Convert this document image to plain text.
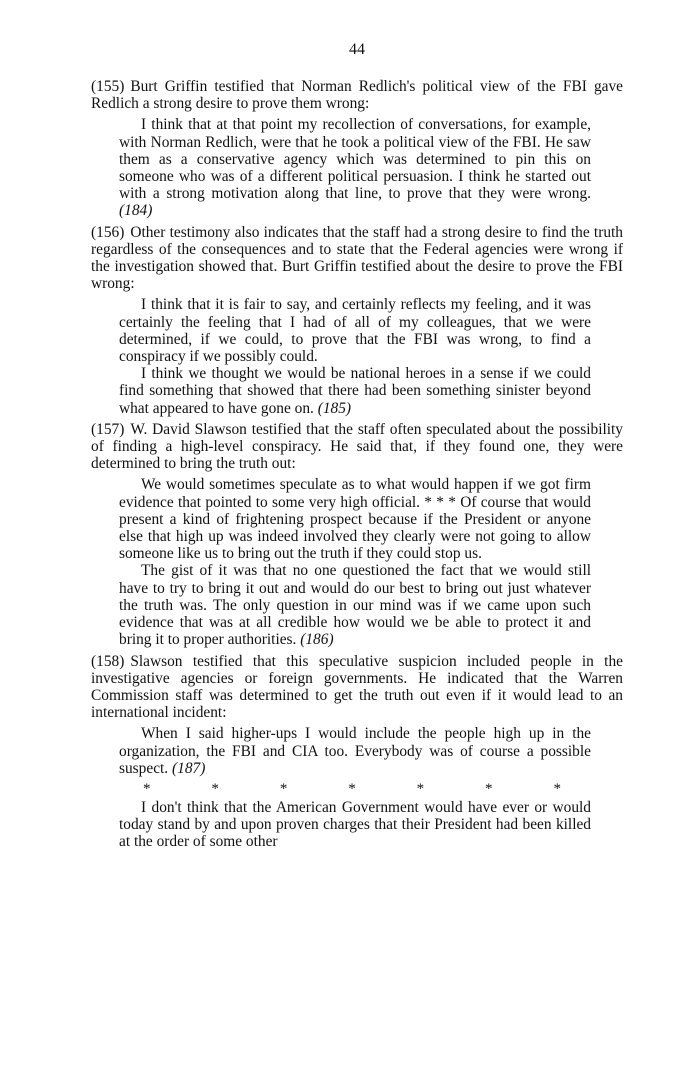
44
(155) Burt Griffin testified that Norman Redlich's political view of the FBI gave Redlich a strong desire to prove them wrong:

I think that at that point my recollection of conversations, for example, with Norman Redlich, were that he took a political view of the FBI. He saw them as a conservative agency which was determined to pin this on someone who was of a different political persuasion. I think he started out with a strong motivation along that line, to prove that they were wrong. (184)

(156) Other testimony also indicates that the staff had a strong desire to find the truth regardless of the consequences and to state that the Federal agencies were wrong if the investigation showed that. Burt Griffin testified about the desire to prove the FBI wrong:

I think that it is fair to say, and certainly reflects my feeling, and it was certainly the feeling that I had of all of my colleagues, that we were determined, if we could, to prove that the FBI was wrong, to find a conspiracy if we possibly could.

I think we thought we would be national heroes in a sense if we could find something that showed that there had been something sinister beyond what appeared to have gone on. (185)

(157) W. David Slawson testified that the staff often speculated about the possibility of finding a high-level conspiracy. He said that, if they found one, they were determined to bring the truth out:

We would sometimes speculate as to what would happen if we got firm evidence that pointed to some very high official. * * * Of course that would present a kind of frightening prospect because if the President or anyone else that high up was indeed involved they clearly were not going to allow someone like us to bring out the truth if they could stop us.

The gist of it was that no one questioned the fact that we would still have to try to bring it out and would do our best to bring out just whatever the truth was. The only question in our mind was if we came upon such evidence that was at all credible how would we be able to protect it and bring it to proper authorities. (186)

(158) Slawson testified that this speculative suspicion included people in the investigative agencies or foreign governments. He indicated that the Warren Commission staff was determined to get the truth out even if it would lead to an international incident:

When I said higher-ups I would include the people high up in the organization, the FBI and CIA too. Everybody was of course a possible suspect. (187)

*	*	*	*	*	*	*

I don't think that the American Government would have ever or would today stand by and upon proven charges that their President had been killed at the order of some other
